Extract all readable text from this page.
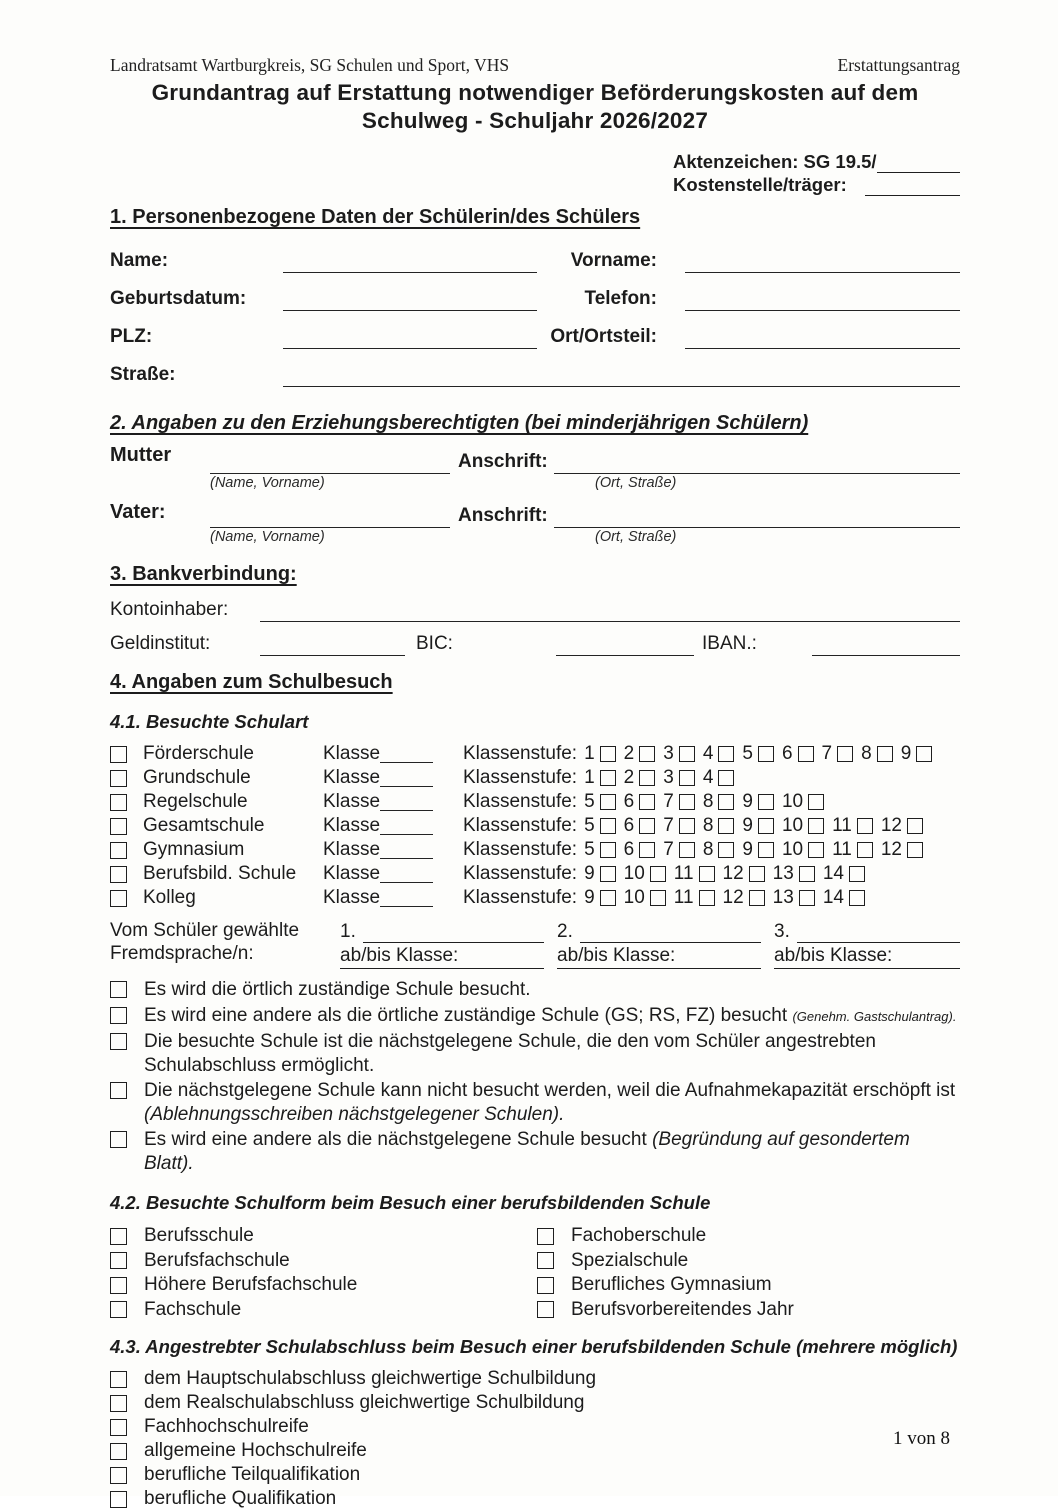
Landratsamt Wartburgkreis, SG Schulen und Sport, VHS	Erstattungsantrag
Grundantrag auf Erstattung notwendiger Beförderungskosten auf dem
Schulweg - Schuljahr 2026/2027
Aktenzeichen: SG 19.5/
Kostenstelle/träger:
1. Personenbezogene Daten der Schülerin/des Schülers
Name:	Vorname:
Geburtsdatum:	Telefon:
PLZ:	Ort/Ortsteil:
Straße:
2. Angaben zu den Erziehungsberechtigten (bei minderjährigen Schülern)
Mutter	Anschrift:
(Name, Vorname)	(Ort, Straße)
Vater:	Anschrift:
(Name, Vorname)	(Ort, Straße)
3. Bankverbindung:
Kontoinhaber:
Geldinstitut:	BIC:	IBAN.:
4. Angaben zum Schulbesuch
4.1. Besuchte Schulart
Förderschule	Klasse	Klassenstufe: 1 2 3 4 5 6 7 8 9
Grundschule	Klasse	Klassenstufe: 1 2 3 4
Regelschule	Klasse	Klassenstufe: 5 6 7 8 9 10
Gesamtschule	Klasse	Klassenstufe: 5 6 7 8 9 10 11 12
Gymnasium	Klasse	Klassenstufe: 5 6 7 8 9 10 11 12
Berufsbild. Schule	Klasse	Klassenstufe: 9 10 11 12 13 14
Kolleg	Klasse	Klassenstufe: 9 10 11 12 13 14
Vom Schüler gewählte
Fremdsprache/n:
1.
ab/bis Klasse:
2.
ab/bis Klasse:
3.
ab/bis Klasse:
Es wird die örtlich zuständige Schule besucht.
Es wird eine andere als die örtliche zuständige Schule (GS; RS, FZ) besucht (Genehm. Gastschulantrag).
Die besuchte Schule ist die nächstgelegene Schule, die den vom Schüler angestrebten Schulabschluss ermöglicht.
Die nächstgelegene Schule kann nicht besucht werden, weil die Aufnahmekapazität erschöpft ist (Ablehnungsschreiben nächstgelegener Schulen).
Es wird eine andere als die nächstgelegene Schule besucht (Begründung auf gesondertem Blatt).
4.2. Besuchte Schulform beim Besuch einer berufsbildenden Schule
Berufsschule
Berufsfachschule
Höhere Berufsfachschule
Fachschule
Fachoberschule
Spezialschule
Berufliches Gymnasium
Berufsvorbereitendes Jahr
4.3. Angestrebter Schulabschluss beim Besuch einer berufsbildenden Schule (mehrere möglich)
dem Hauptschulabschluss gleichwertige Schulbildung
dem Realschulabschluss gleichwertige Schulbildung
Fachhochschulreife
allgemeine Hochschulreife
berufliche Teilqualifikation
berufliche Qualifikation
1 von 8
